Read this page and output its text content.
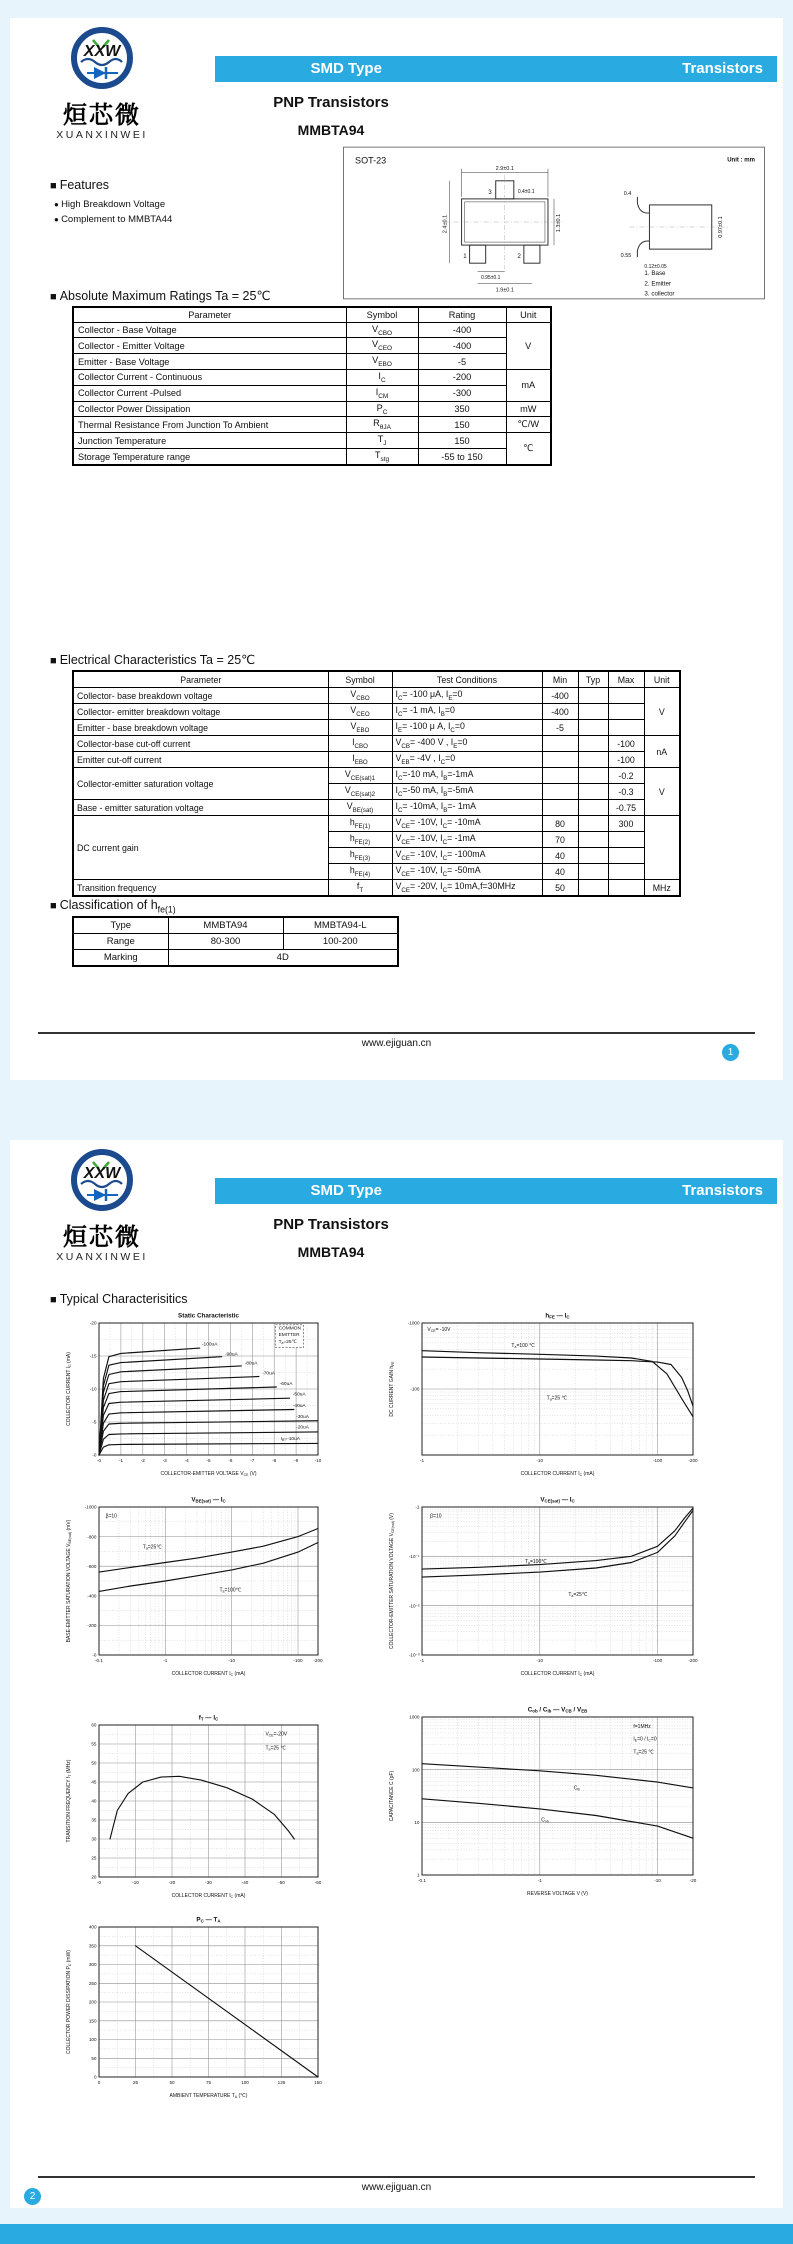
XXW
烜芯微
XUANXINWEI
SMD Type	Transistors
PNP Transistors
MMBTA94
SOT-23	Unit : mm
2.9±0.1
0.4±0.1
2.4±0.1	1.3±0.1
0.95±0.1
1.9±0.1
1	2
3	0.4
0.55
0.12±0.05
0.97±0.1
1. Base
2. Emitter
3. collector
■ Features
● High Breakdown Voltage
● Complement to MMBTA44
■ Absolute Maximum Ratings Ta = 25℃
Parameter	Symbol	Rating	Unit
Collector - Base Voltage	$V_{CBO}$	-400	V
Collector - Emitter Voltage	$V_{CEO}$	-400	
Emitter - Base Voltage	$V_{EBO}$	-5	
Collector Current - Continuous	$I_C$	-200	mA
Collector Current -Pulsed	$I_{CM}$	-300	
Collector Power Dissipation	$P_C$	350	mW
Thermal Resistance From Junction To Ambient	$R_{\theta JA}$	150	℃/W
Junction Temperature	$T_J$	150	℃
Storage Temperature range	$T_{stg}$	-55 to 150	
■ Electrical Characteristics Ta = 25℃
Parameter	Symbol	Test Conditions	Min	Typ	Max	Unit
Collector- base breakdown voltage	$V_{CBO}$	$I_C= -100$ μA, $I_E=0$	-400			V
Collector- emitter breakdown voltage	$V_{CEO}$	$I_C= -1$ mA, $I_B=0$	-400			
Emitter - base breakdown voltage	$V_{EBO}$	$I_E= -100$ μ A, $I_C=0$	-5			
Collector-base cut-off current	$I_{CBO}$	$V_{CB}= -400$ V , $I_E=0$			-100	nA
Emitter cut-off current	$I_{EBO}$	$V_{EB}= -4V$ , $I_C=0$			-100	
Collector-emitter saturation voltage	$V_{CE(sat)1}$	$I_C=-10$ mA, $I_B=-1mA$			-0.2	V
	$V_{CE(sat)2}$	$I_C=-50$ mA, $I_B=-5mA$			-0.3	
Base - emitter saturation voltage	$V_{BE(sat)}$	$I_C= -10mA$, $I_B=-$ 1mA			-0.75	
DC current gain	$h_{FE(1)}$	$V_{CE}= -10V$, $I_C= -10mA$	80		300	
	$h_{FE(2)}$	$V_{CE}= -10V$, $I_C= -1mA$	70			
	$h_{FE(3)}$	$V_{CE}= -10V$, $I_C= -100mA$	40			
	$h_{FE(4)}$	$V_{CE}= -10V$, $I_C= -50mA$	40			
Transition frequency	$f_T$	$V_{CE}= -20V$, $I_C= 10mA,f=30MHz$	50			MHz
■ Classification of $h_{fe(1)}$
Type	MMBTA94	MMBTA94-L
Range	80-300	100-200
Marking	4D	
www.ejiguan.cn
1
XXW
烜芯微
XUANXINWEI
SMD Type	Transistors
PNP Transistors
MMBTA94
■ Typical Characterisitics
-0	-1	-2	-3	-4	-5	-6	-7	-8	-9	-10
-0
-5
-10
-15
-20
COMMON
EMITTER
Ta=25℃
-100uA
-90uA
-80uA
-70uA
-60uA
-50uA
-40uA
-30uA
-20uA
IB=-10uA
Static Characteristic
COLLECTOR-EMITTER VOLTAGE VCE (V)
COLLECTOR CURRENT IC (mA)
-1	-10	-100	-200
-1000
-100
VCE= -10V
Ta=100 ℃
Ta=25 ℃
hFE — IC
COLLECTOR CURRENT IC (mA)
DC CURRENT GAIN hFE
-0.1	-1	-10	-100 -200
-1000
-800
-600
-400
-200
-0
β=10
Ta=25℃
Ta=100℃
VBE(sat) — IC
COLLECTOR CURRENT IC (mA)
BASE-EMITTER SATURATION VOLTAGE VBE(sat) (mV)
-1	-10	-100	-200
-1
-10⁻¹
-10⁻²
-10⁻³
β=10
Ta=100℃
Ta=25℃
VCE(sat) — IC
COLLECTOR CURRENT IC (mA)
COLLECTOR-EMITTER SATURATION VOLTAGE VCE(sat) (V)
-0	-10	-20	-30	-40	-50	-60
60
55
50
45
40
35
30
25
20
VCE=-20V
Ta=25 ℃
fT — IC
COLLECTOR CURRENT IC (mA)
TRANSITION FREQUENCY fT (MHz)
-0.1	-1	-10	-20
1000
100
10
1
f=1MHz
IE=0 / IC=0
Ta=25 ℃
Cib
Cob
Cob / Cib — VCB / VEB
REVERSE VOLTAGE V (V)
CAPACITANCE C (pF)
0	25	50	75	100	125	150
400
350
300
250
200
150
100
50
0
PC — TA
AMBIENT TEMPERATURE TA (℃)
COLLECTOR POWER DISSIPATION PC (mW)
www.ejiguan.cn
2
